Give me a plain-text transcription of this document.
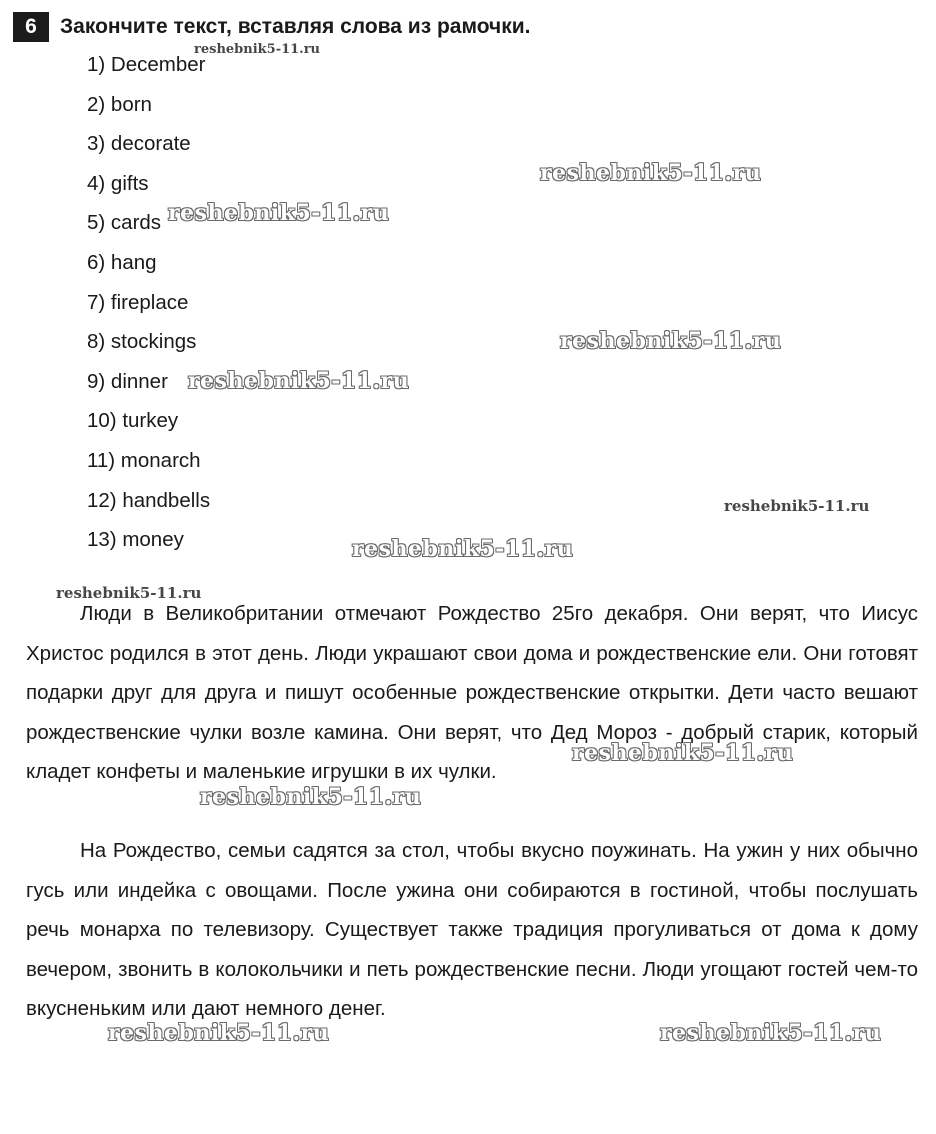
6	Закончите текст, вставляя слова из рамочки.
1) December
2) born
3) decorate
4) gifts
5) cards
6) hang
7) fireplace
8) stockings
9) dinner
10) turkey
11) monarch
12) handbells
13) money

Люди в Великобритании отмечают Рождество 25го декабря. Они верят, что Иисус Христос родился в этот день. Люди украшают свои дома и рождественские ели. Они готовят подарки друг для друга и пишут особенные рождественские открытки. Дети часто вешают рождественские чулки возле камина. Они верят, что Дед Мороз - добрый старик, который кладет конфеты и маленькие игрушки в их чулки.

На Рождество, семьи садятся за стол, чтобы вкусно поужинать. На ужин у них обычно гусь или индейка с овощами. После ужина они собираются в гостиной, чтобы послушать речь монарха по телевизору. Существует также традиция прогуливаться от дома к дому вечером, звонить в колокольчики и петь рождественские песни. Люди угощают гостей чем-то вкусненьким или дают немного денег.

reshebnik5-11.ru
reshebnik5-11.ru
reshebnik5-11.ru
reshebnik5-11.ru
reshebnik5-11.ru
reshebnik5-11.ru
reshebnik5-11.ru
reshebnik5-11.ru
reshebnik5-11.ru
reshebnik5-11.ru
reshebnik5-11.ru	reshebnik5-11.ru
